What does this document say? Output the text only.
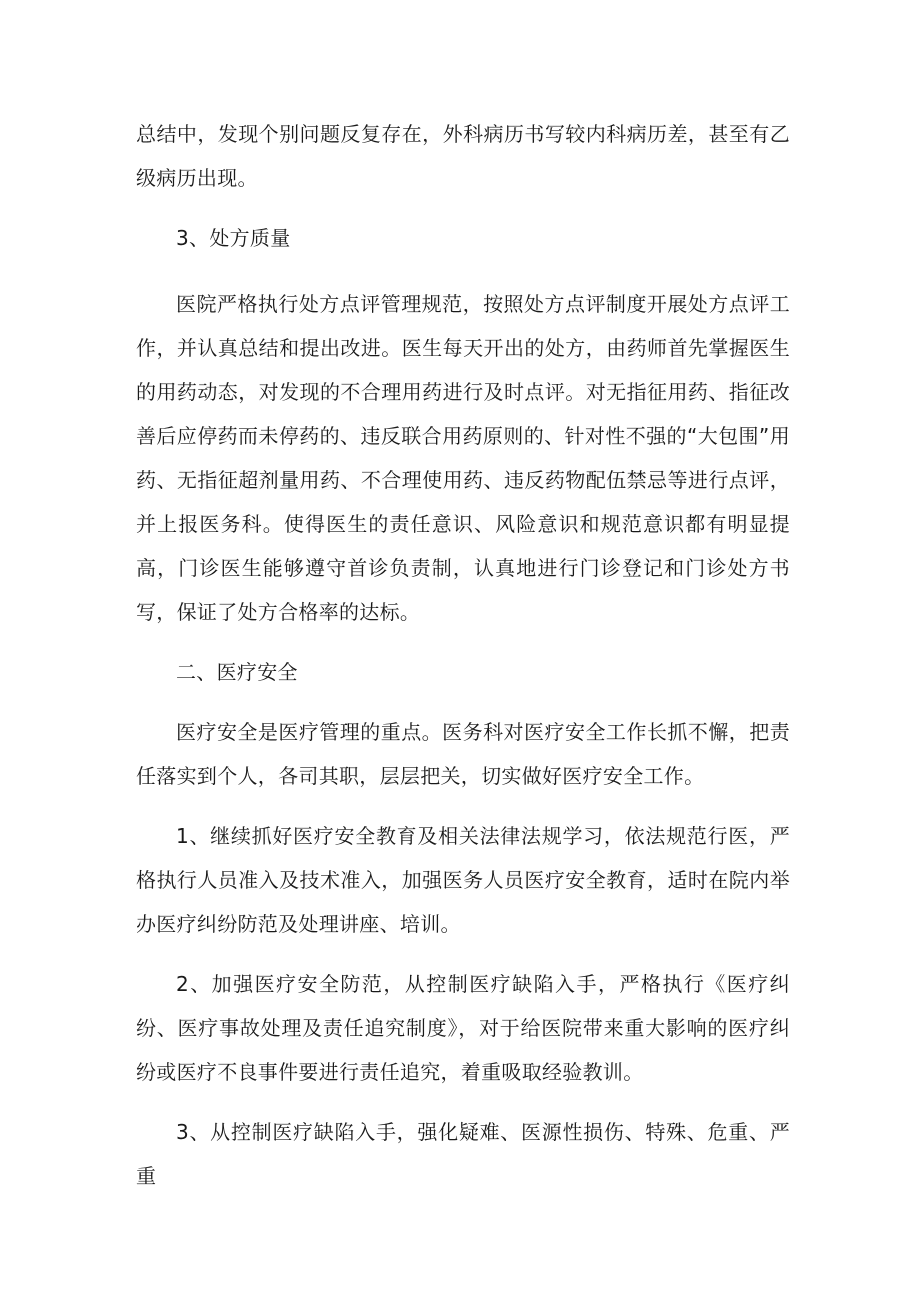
总结中，发现个别问题反复存在，外科病历书写较内科病历差，甚至有乙级病历出现。

3、处方质量

医院严格执行处方点评管理规范，按照处方点评制度开展处方点评工作，并认真总结和提出改进。医生每天开出的处方，由药师首先掌握医生的用药动态，对发现的不合理用药进行及时点评。对无指征用药、指征改善后应停药而未停药的、违反联合用药原则的、针对性不强的“大包围”用药、无指征超剂量用药、不合理使用药、违反药物配伍禁忌等进行点评，并上报医务科。使得医生的责任意识、风险意识和规范意识都有明显提高，门诊医生能够遵守首诊负责制，认真地进行门诊登记和门诊处方书写，保证了处方合格率的达标。

二、医疗安全

医疗安全是医疗管理的重点。医务科对医疗安全工作长抓不懈，把责任落实到个人，各司其职，层层把关，切实做好医疗安全工作。

1、继续抓好医疗安全教育及相关法律法规学习，依法规范行医，严格执行人员准入及技术准入，加强医务人员医疗安全教育，适时在院内举办医疗纠纷防范及处理讲座、培训。

2、加强医疗安全防范，从控制医疗缺陷入手，严格执行《医疗纠纷、医疗事故处理及责任追究制度》，对于给医院带来重大影响的医疗纠纷或医疗不良事件要进行责任追究，着重吸取经验教训。

3、从控制医疗缺陷入手，强化疑难、医源性损伤、特殊、危重、严重
